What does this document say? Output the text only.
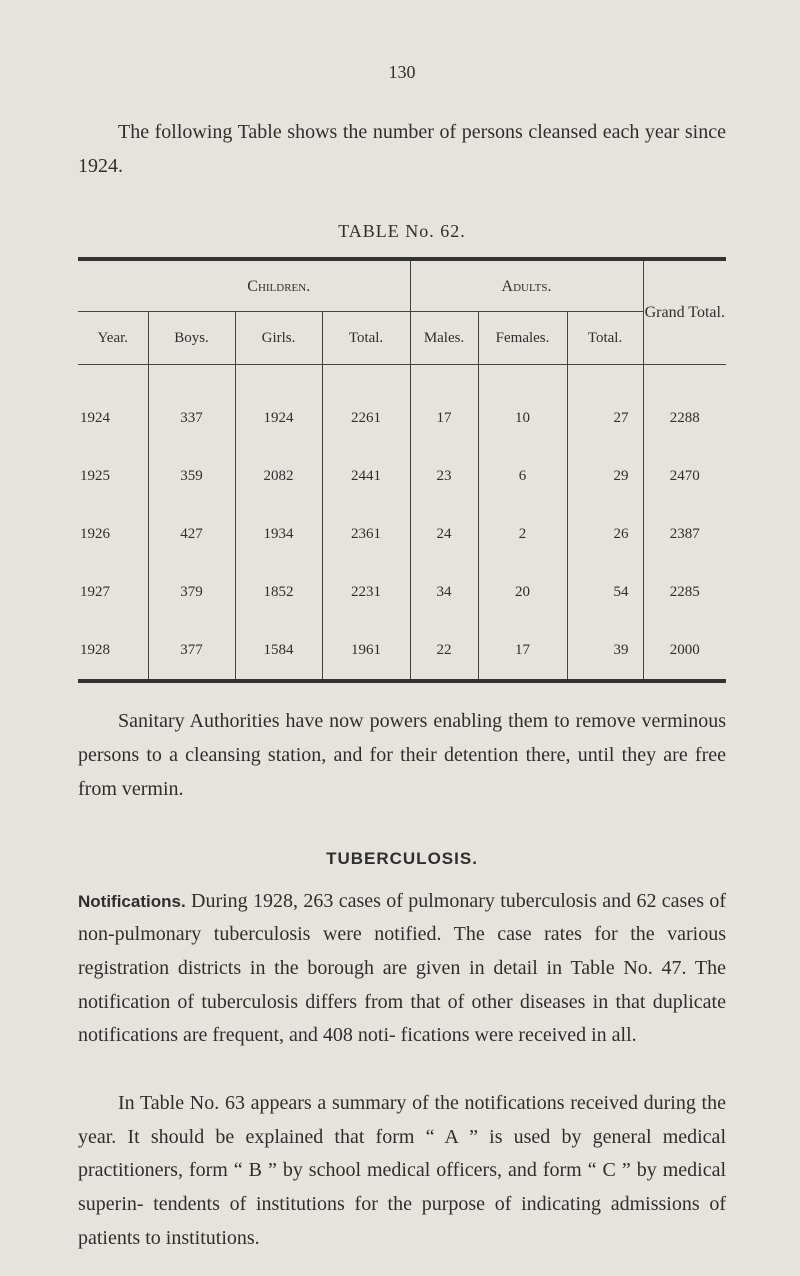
130

The following Table shows the number of persons cleansed each year since 1924.

TABLE No. 62.
	Children.			Adults.			Grand Total.
Year.	Boys.	Girls.	Total.	Males.	Females.	Total.	
1924	337	1924	2261	17	10	27	2288
1925	359	2082	2441	23	6	29	2470
1926	427	1934	2361	24	2	26	2387
1927	379	1852	2231	34	20	54	2285
1928	377	1584	1961	22	17	39	2000

Sanitary Authorities have now powers enabling them to remove verminous persons to a cleansing station, and for their detention there, until they are free from vermin.

TUBERCULOSIS.

Notifications. During 1928, 263 cases of pulmonary tuberculosis and 62 cases of non-pulmonary tuberculosis were notified. The case rates for the various registration districts in the borough are given in detail in Table No. 47. The notification of tuberculosis differs from that of other diseases in that duplicate notifications are frequent, and 408 noti- fications were received in all.

In Table No. 63 appears a summary of the notifications received during the year. It should be explained that form “ A ” is used by general medical practitioners, form “ B ” by school medical officers, and form “ C ” by medical superin- tendents of institutions for the purpose of indicating admissions of patients to institutions.
